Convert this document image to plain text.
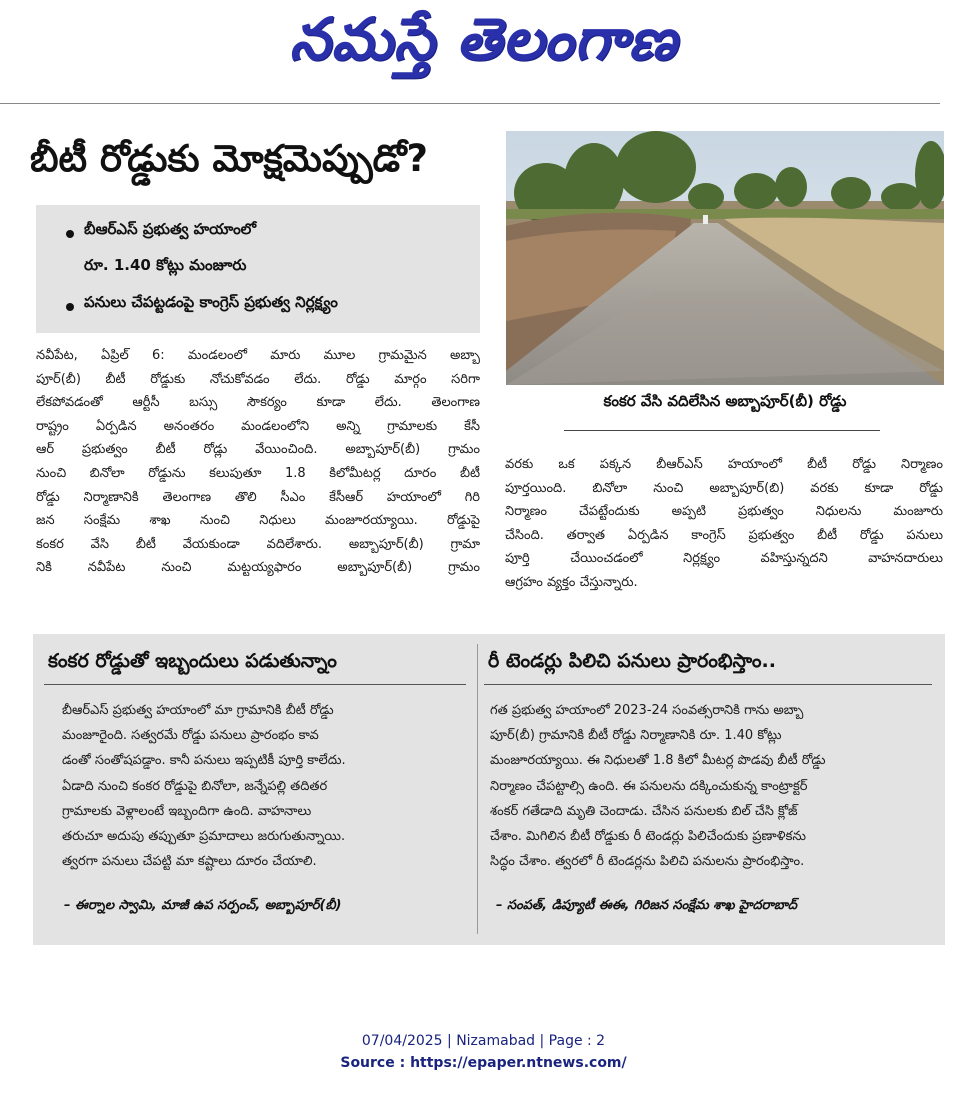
నమస్తే తెలంగాణ
బీటీ రోడ్డుకు మోక్షమెప్పుడో?
బీఆర్ఎస్ ప్రభుత్వ హయాంలో
రూ. 1.40 కోట్లు మంజూరు
పనులు చేపట్టడంపై కాంగ్రెస్ ప్రభుత్వ నిర్లక్ష్యం
కంకర వేసి వదిలేసిన అబ్బాపూర్(బీ) రోడ్డు
నవీపేట, ఏప్రిల్ 6: మండలంలో మారు మూల గ్రామమైన అబ్బా
పూర్(బీ) బీటీ రోడ్డుకు నోచుకోవడం లేదు. రోడ్డు మార్గం సరిగా
లేకపోవడంతో ఆర్టీసీ బస్సు సౌకర్యం కూడా లేదు. తెలంగాణ
రాష్ట్రం ఏర్పడిన అనంతరం మండలంలోని అన్ని గ్రామాలకు కేసీ
ఆర్ ప్రభుత్వం బీటీ రోడ్లు వేయించింది. అబ్బాపూర్(బీ) గ్రామం
నుంచి బినోలా రోడ్డును కలుపుతూ 1.8 కిలోమీటర్ల దూరం బీటీ
రోడ్డు నిర్మాణానికి తెలంగాణ తొలి సీఎం కేసీఆర్ హయాంలో గిరి
జన సంక్షేమ శాఖ నుంచి నిధులు మంజూరయ్యాయి. రోడ్డుపై
కంకర వేసి బీటీ వేయకుండా వదిలేశారు. అబ్బాపూర్(బీ) గ్రామా
నికి నవీపేట నుంచి మట్టయ్యఫారం అబ్బాపూర్(బీ) గ్రామం
వరకు ఒక పక్కన బీఆర్ఎస్ హయాంలో బీటీ రోడ్డు నిర్మాణం
పూర్తయింది. బినోలా నుంచి అబ్బాపూర్(బి) వరకు కూడా రోడ్డు
నిర్మాణం చేపట్టేందుకు అప్పటి ప్రభుత్వం నిధులను మంజూరు
చేసింది. తర్వాత ఏర్పడిన కాంగ్రెస్ ప్రభుత్వం బీటీ రోడ్డు పనులు
పూర్తి చేయించడంలో నిర్లక్ష్యం వహిస్తున్నదని వాహనదారులు
ఆగ్రహం వ్యక్తం చేస్తున్నారు.
కంకర రోడ్డుతో ఇబ్బందులు పడుతున్నాం
బీఆర్ఎస్ ప్రభుత్వ హయాంలో మా గ్రామానికి బీటీ రోడ్డు
మంజూరైంది. సత్వరమే రోడ్డు పనులు ప్రారంభం కావ
డంతో సంతోషపడ్డాం. కానీ పనులు ఇప్పటికీ పూర్తి కాలేదు.
ఏడాది నుంచి కంకర రోడ్డుపై బినోలా, జన్నేపల్లి తదితర
గ్రామాలకు వెళ్లాలంటే ఇబ్బందిగా ఉంది. వాహనాలు
తరుచూ అదుపు తప్పుతూ ప్రమాదాలు జరుగుతున్నాయి.
త్వరగా పనులు చేపట్టి మా కష్టాలు దూరం చేయాలి.
– ఈర్నాల స్వామి, మాజీ ఉప సర్పంచ్, అబ్బాపూర్(బీ)
రీ టెండర్లు పిలిచి పనులు ప్రారంభిస్తాం..
గత ప్రభుత్వ హయాంలో 2023-24 సంవత్సరానికి గాను అబ్బా
పూర్(బీ) గ్రామానికి బీటీ రోడ్డు నిర్మాణానికి రూ. 1.40 కోట్లు
మంజూరయ్యాయి. ఈ నిధులతో 1.8 కిలో మీటర్ల పొడవు బీటీ రోడ్డు
నిర్మాణం చేపట్టాల్సి ఉంది. ఈ పనులను దక్కించుకున్న కాంట్రాక్టర్
శంకర్ గతేడాది మృతి చెందాడు. చేసిన పనులకు బిల్ చేసి క్లోజ్
చేశాం. మిగిలిన బీటీ రోడ్డుకు రీ టెండర్లు పిలిచేందుకు ప్రణాళికను
సిద్ధం చేశాం. త్వరలో రీ టెండర్లను పిలిచి పనులను ప్రారంభిస్తాం.
– సంపత్, డిప్యూటీ ఈఈ, గిరిజన సంక్షేమ శాఖ హైదరాబాద్
07/04/2025 | Nizamabad | Page : 2
Source : https://epaper.ntnews.com/
